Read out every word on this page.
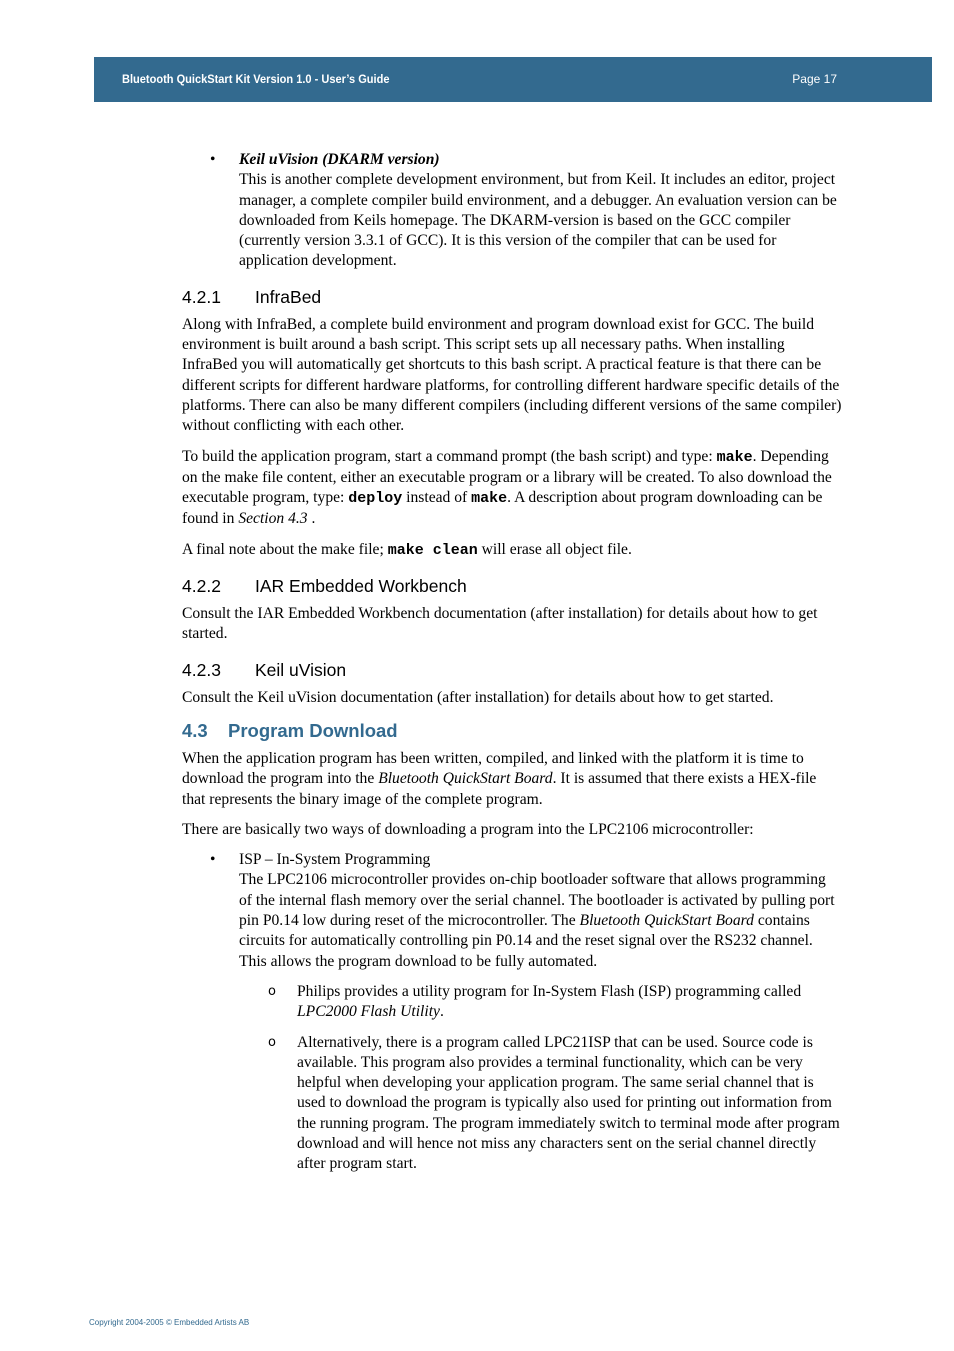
Bluetooth QuickStart Kit Version 1.0 - User’s Guide	Page 17
• Keil uVision (DKARM version)
This is another complete development environment, but from Keil. It includes an editor, project manager, a complete compiler build environment, and a debugger. An evaluation version can be downloaded from Keils homepage. The DKARM-version is based on the GCC compiler (currently version 3.3.1 of GCC). It is this version of the compiler that can be used for application development.
4.2.1 InfraBed

Along with InfraBed, a complete build environment and program download exist for GCC. The build environment is built around a bash script. This script sets up all necessary paths. When installing InfraBed you will automatically get shortcuts to this bash script. A practical feature is that there can be different scripts for different hardware platforms, for controlling different hardware specific details of the platforms. There can also be many different compilers (including different versions of the same compiler) without conflicting with each other.

To build the application program, start a command prompt (the bash script) and type: make. Depending on the make file content, either an executable program or a library will be created. To also download the executable program, type: deploy instead of make. A description about program downloading can be found in Section 4.3 .

A final note about the make file; make clean will erase all object file.

4.2.2 IAR Embedded Workbench

Consult the IAR Embedded Workbench documentation (after installation) for details about how to get started.

4.2.3 Keil uVision

Consult the Keil uVision documentation (after installation) for details about how to get started.

4.3 Program Download

When the application program has been written, compiled, and linked with the platform it is time to download the program into the Bluetooth QuickStart Board. It is assumed that there exists a HEX-file that represents the binary image of the complete program.

There are basically two ways of downloading a program into the LPC2106 microcontroller:

• ISP – In-System Programming
The LPC2106 microcontroller provides on-chip bootloader software that allows programming of the internal flash memory over the serial channel. The bootloader is activated by pulling port pin P0.14 low during reset of the microcontroller. The Bluetooth QuickStart Board contains circuits for automatically controlling pin P0.14 and the reset signal over the RS232 channel. This allows the program download to be fully automated.
o Philips provides a utility program for In-System Flash (ISP) programming called LPC2000 Flash Utility.
o Alternatively, there is a program called LPC21ISP that can be used. Source code is available. This program also provides a terminal functionality, which can be very helpful when developing your application program. The same serial channel that is used to download the program is typically also used for printing out information from the running program. The program immediately switch to terminal mode after program download and will hence not miss any characters sent on the serial channel directly after program start.
Copyright 2004-2005 © Embedded Artists AB
